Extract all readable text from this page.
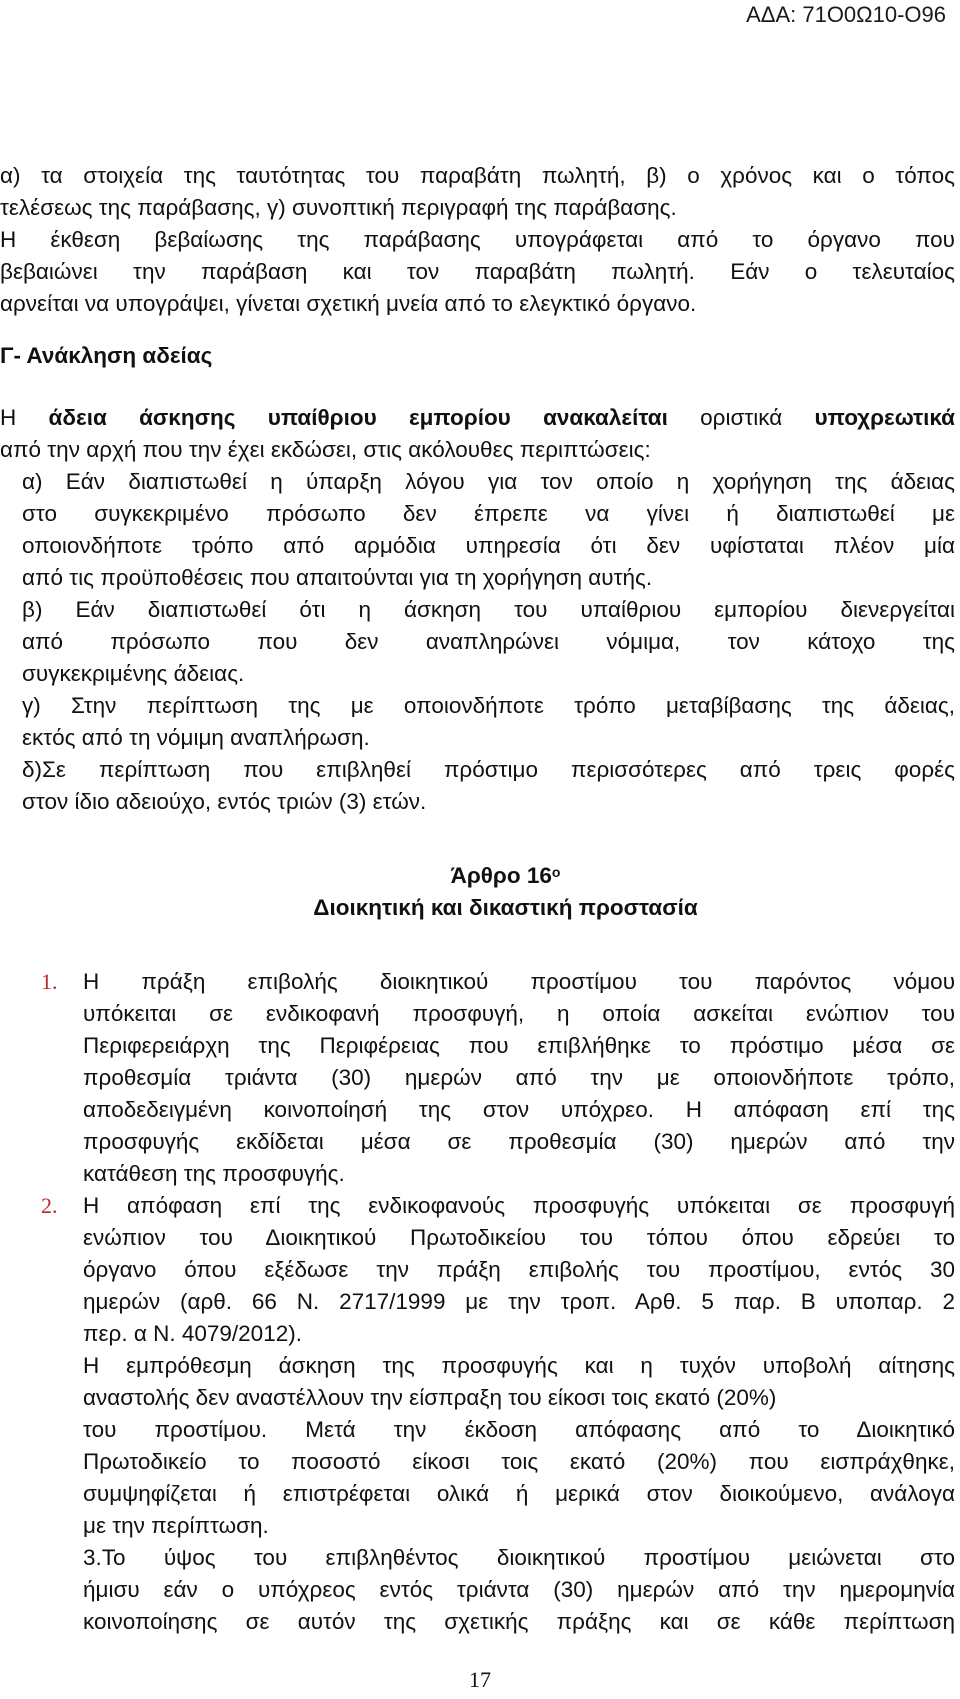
ΑΔΑ: 71Ο0Ω10-Ο96
α) τα στοιχεία της ταυτότητας του παραβάτη πωλητή, β) ο χρόνος και ο τόπος
τελέσεως της παράβασης, γ) συνοπτική περιγραφή της παράβασης.
Η έκθεση βεβαίωσης της παράβασης υπογράφεται από το όργανο που
βεβαιώνει την παράβαση και τον παραβάτη πωλητή. Εάν ο τελευταίος
αρνείται να υπογράψει, γίνεται σχετική μνεία από το ελεγκτικό όργανο.
Γ- Ανάκληση αδείας
Η άδεια άσκησης υπαίθριου εμπορίου ανακαλείται οριστικά υποχρεωτικά
από την αρχή που την έχει εκδώσει, στις ακόλουθες περιπτώσεις:
α) Εάν διαπιστωθεί η ύπαρξη λόγου για τον οποίο η χορήγηση της άδειας
στο συγκεκριμένο πρόσωπο δεν έπρεπε να γίνει ή διαπιστωθεί με
οποιονδήποτε τρόπο από αρμόδια υπηρεσία ότι δεν υφίσταται πλέον μία
από τις προϋποθέσεις που απαιτούνται για τη χορήγηση αυτής.
β) Εάν διαπιστωθεί ότι η άσκηση του υπαίθριου εμπορίου διενεργείται
από πρόσωπο που δεν αναπληρώνει νόμιμα, τον κάτοχο της
συγκεκριμένης άδειας.
γ) Στην περίπτωση της με οποιονδήποτε τρόπο μεταβίβασης της άδειας,
εκτός από τη νόμιμη αναπλήρωση.
δ)Σε περίπτωση που επιβληθεί πρόστιμο περισσότερες από τρεις φορές
στον ίδιο αδειούχο, εντός τριών (3) ετών.
Άρθρο $16^o$
Διοικητική και δικαστική προστασία
1. Η πράξη επιβολής διοικητικού προστίμου του παρόντος νόμου
υπόκειται σε ενδικοφανή προσφυγή, η οποία ασκείται ενώπιον του
Περιφερειάρχη της Περιφέρειας που επιβλήθηκε το πρόστιμο μέσα σε
προθεσμία τριάντα (30) ημερών από την με οποιονδήποτε τρόπο,
αποδεδειγμένη κοινοποίησή της στον υπόχρεο. Η απόφαση επί της
προσφυγής εκδίδεται μέσα σε προθεσμία (30) ημερών από την
κατάθεση της προσφυγής.
2. Η απόφαση επί της ενδικοφανούς προσφυγής υπόκειται σε προσφυγή
ενώπιον του Διοικητικού Πρωτοδικείου του τόπου όπου εδρεύει το
όργανο όπου εξέδωσε την πράξη επιβολής του προστίμου, εντός 30
ημερών (αρθ. 66 Ν. 2717/1999 με την τροπ. Αρθ. 5 παρ. Β υποπαρ. 2
περ. α Ν. 4079/2012).
Η εμπρόθεσμη άσκηση της προσφυγής και η τυχόν υποβολή αίτησης
αναστολής δεν αναστέλλουν την είσπραξη του είκοσι τοις εκατό (20%)
του προστίμου. Μετά την έκδοση απόφασης από το Διοικητικό
Πρωτοδικείο το ποσοστό είκοσι τοις εκατό (20%) που εισπράχθηκε,
συμψηφίζεται ή επιστρέφεται ολικά ή μερικά στον διοικούμενο, ανάλογα
με την περίπτωση.
3.Το ύψος του επιβληθέντος διοικητικού προστίμου μειώνεται στο
ήμισυ εάν ο υπόχρεος εντός τριάντα (30) ημερών από την ημερομηνία
κοινοποίησης σε αυτόν της σχετικής πράξης και σε κάθε περίπτωση
17
